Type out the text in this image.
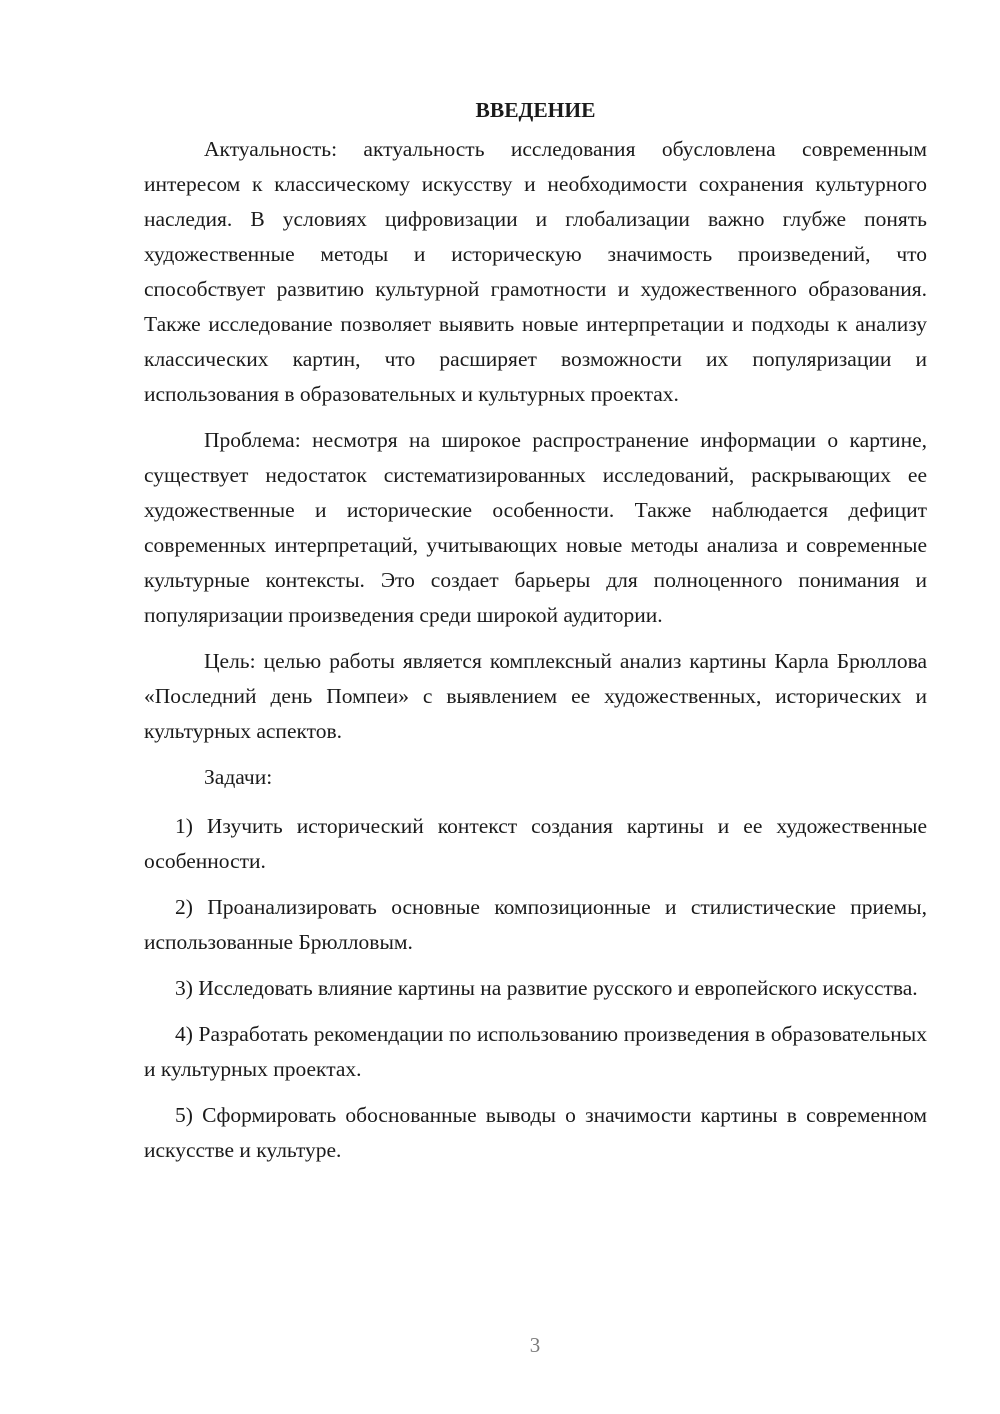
ВВЕДЕНИЕ

Актуальность: актуальность исследования обусловлена современным интересом к классическому искусству и необходимости сохранения культурного наследия. В условиях цифровизации и глобализации важно глубже понять художественные методы и историческую значимость произведений, что способствует развитию культурной грамотности и художественного образования. Также исследование позволяет выявить новые интерпретации и подходы к анализу классических картин, что расширяет возможности их популяризации и использования в образовательных и культурных проектах.

Проблема: несмотря на широкое распространение информации о картине, существует недостаток систематизированных исследований, раскрывающих ее художественные и исторические особенности. Также наблюдается дефицит современных интерпретаций, учитывающих новые методы анализа и современные культурные контексты. Это создает барьеры для полноценного понимания и популяризации произведения среди широкой аудитории.

Цель: целью работы является комплексный анализ картины Карла Брюллова «Последний день Помпеи» с выявлением ее художественных, исторических и культурных аспектов.

Задачи:

1) Изучить исторический контекст создания картины и ее художественные особенности.

2) Проанализировать основные композиционные и стилистические приемы, использованные Брюлловым.

3) Исследовать влияние картины на развитие русского и европейского искусства.

4) Разработать рекомендации по использованию произведения в образовательных и культурных проектах.

5) Сформировать обоснованные выводы о значимости картины в современном искусстве и культуре.

3
